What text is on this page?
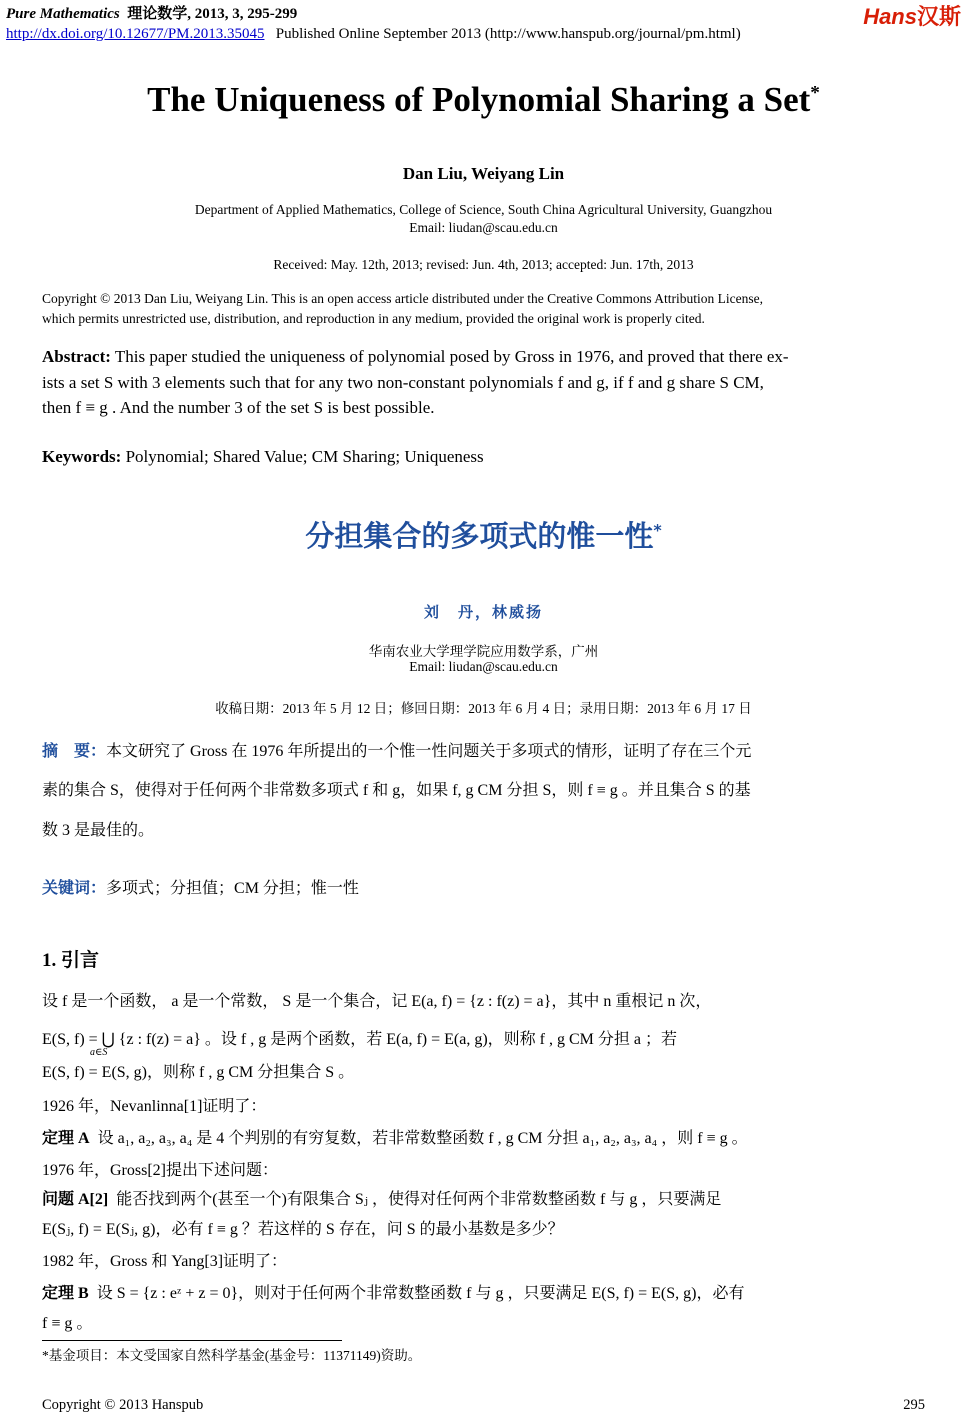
Pure Mathematics 理论数学, 2013, 3, 295-299
http://dx.doi.org/10.12677/PM.2013.35045 Published Online September 2013 (http://www.hanspub.org/journal/pm.html)
Hans汉斯
The Uniqueness of Polynomial Sharing a Set*
Dan Liu, Weiyang Lin
Department of Applied Mathematics, College of Science, South China Agricultural University, Guangzhou
Email: liudan@scau.edu.cn
Received: May. 12th, 2013; revised: Jun. 4th, 2013; accepted: Jun. 17th, 2013
Copyright © 2013 Dan Liu, Weiyang Lin. This is an open access article distributed under the Creative Commons Attribution License,
which permits unrestricted use, distribution, and reproduction in any medium, provided the original work is properly cited.
Abstract: This paper studied the uniqueness of polynomial posed by Gross in 1976, and proved that there ex-
ists a set S with 3 elements such that for any two non-constant polynomials f and g, if f and g share S CM,
then f ≡ g . And the number 3 of the set S is best possible.
Keywords: Polynomial; Shared Value; CM Sharing; Uniqueness
分担集合的多项式的惟一性*
刘　丹，林威扬
华南农业大学理学院应用数学系，广州
Email: liudan@scau.edu.cn
收稿日期：2013 年 5 月 12 日；修回日期：2013 年 6 月 4 日；录用日期：2013 年 6 月 17 日
摘　要：本文研究了 Gross 在 1976 年所提出的一个惟一性问题关于多项式的情形，证明了存在三个元
素的集合 S，使得对于任何两个非常数多项式 f 和 g，如果 f, g CM 分担 S，则 f ≡ g 。并且集合 S 的基
数 3 是最佳的。
关键词：多项式；分担值；CM 分担；惟一性
1. 引言
设 f 是一个函数， a 是一个常数， S 是一个集合，记 E(a, f) = {z : f(z) = a}，其中 n 重根记 n 次，
E(S, f) = ⋃ {z : f(z) = a} 。设 f , g 是两个函数，若 E(a, f) = E(a, g)，则称 f , g CM 分担 a ；若
a∈S
E(S, f) = E(S, g)，则称 f , g CM 分担集合 S 。
1926 年，Nevanlinna[1]证明了：
定理 A 设 a₁, a₂, a₃, a₄ 是 4 个判别的有穷复数，若非常数整函数 f , g CM 分担 a₁, a₂, a₃, a₄ ，则 f ≡ g 。
1976 年，Gross[2]提出下述问题：
问题 A[2] 能否找到两个(甚至一个)有限集合 Sⱼ ，使得对任何两个非常数整函数 f 与 g ，只要满足
E(Sⱼ, f) = E(Sⱼ, g)，必有 f ≡ g ？若这样的 S 存在，问 S 的最小基数是多少？
1982 年，Gross 和 Yang[3]证明了：
定理 B 设 S = {z : eᶻ + z = 0}，则对于任何两个非常数整函数 f 与 g ，只要满足 E(S, f) = E(S, g)，必有
f ≡ g 。
*基金项目：本文受国家自然科学基金(基金号：11371149)资助。
Copyright © 2013 Hanspub	295
